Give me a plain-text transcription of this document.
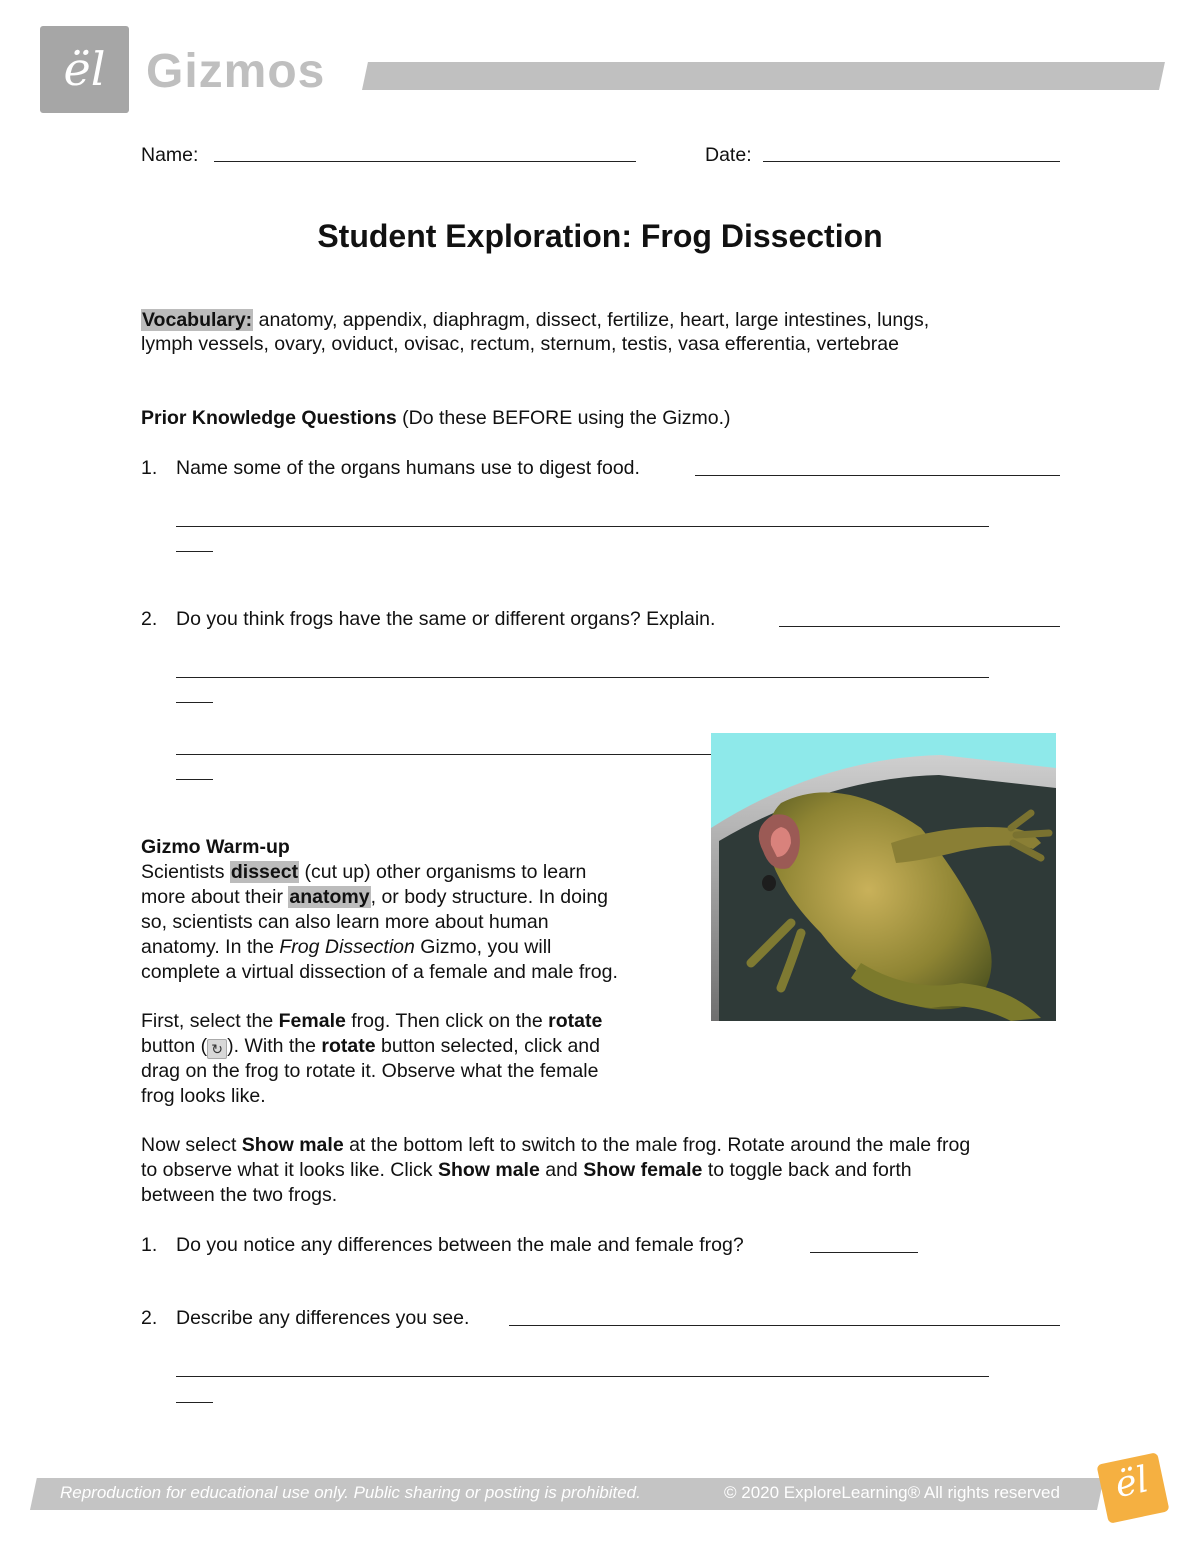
ël Gizmos
Name:	Date:
Student Exploration: Frog Dissection
Vocabulary: anatomy, appendix, diaphragm, dissect, fertilize, heart, large intestines, lungs,
lymph vessels, ovary, oviduct, ovisac, rectum, sternum, testis, vasa efferentia, vertebrae
Prior Knowledge Questions (Do these BEFORE using the Gizmo.)
1. Name some of the organs humans use to digest food.
2. Do you think frogs have the same or different organs? Explain.
Gizmo Warm-up
Scientists dissect (cut up) other organisms to learn
more about their anatomy, or body structure. In doing
so, scientists can also learn more about human
anatomy. In the Frog Dissection Gizmo, you will
complete a virtual dissection of a female and male frog.
First, select the Female frog. Then click on the rotate
button ( ↻ ). With the rotate button selected, click and
drag on the frog to rotate it. Observe what the female
frog looks like.
Now select Show male at the bottom left to switch to the male frog. Rotate around the male frog
to observe what it looks like. Click Show male and Show female to toggle back and forth
between the two frogs.
1. Do you notice any differences between the male and female frog?
2. Describe any differences you see.
Reproduction for educational use only. Public sharing or posting is prohibited.	© 2020 ExploreLearning® All rights reserved	ël
